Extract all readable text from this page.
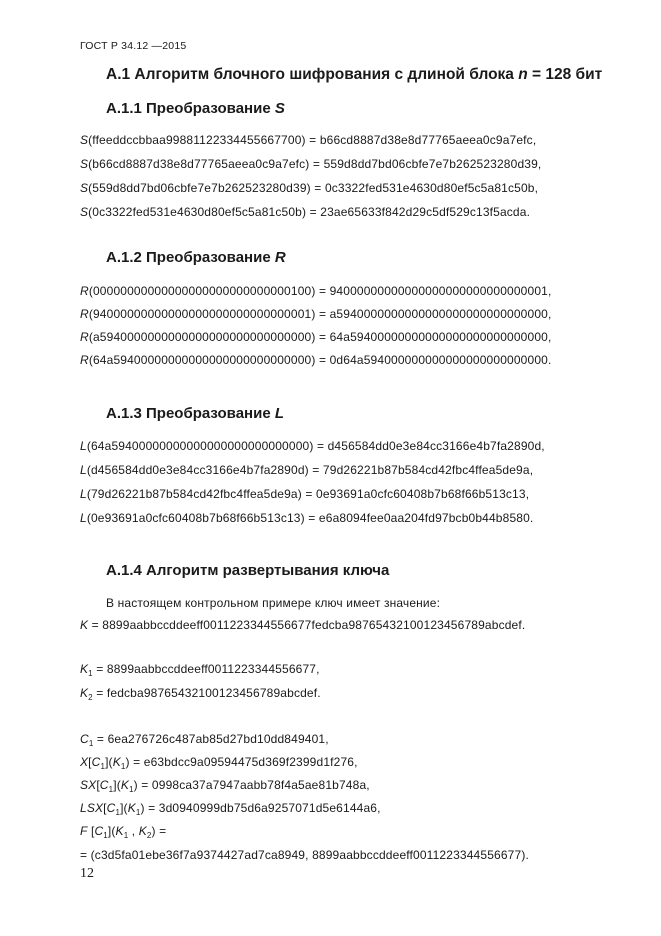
ГОСТ Р 34.12 —2015
А.1 Алгоритм блочного шифрования с длиной блока n = 128 бит
А.1.1 Преобразование S
S(ffeeddccbbaa99881122334455667700) = b66cd8887d38e8d77765aeea0c9a7efc,
S(b66cd8887d38e8d77765aeea0c9a7efc) = 559d8dd7bd06cbfe7e7b262523280d39,
S(559d8dd7bd06cbfe7e7b262523280d39) = 0c3322fed531e4630d80ef5c5a81c50b,
S(0c3322fed531e4630d80ef5c5a81c50b) = 23ae65633f842d29c5df529c13f5acda.
А.1.2 Преобразование R
R(00000000000000000000000000000100) = 94000000000000000000000000000001,
R(94000000000000000000000000000001) = a5940000000000000000000000000000,
R(a5940000000000000000000000000000) = 64a59400000000000000000000000000,
R(64a59400000000000000000000000000) = 0d64a594000000000000000000000000.
А.1.3 Преобразование L
L(64a59400000000000000000000000000) = d456584dd0e3e84cc3166e4b7fa2890d,
L(d456584dd0e3e84cc3166e4b7fa2890d) = 79d26221b87b584cd42fbc4ffea5de9a,
L(79d26221b87b584cd42fbc4ffea5de9a) = 0e93691a0cfc60408b7b68f66b513c13,
L(0e93691a0cfc60408b7b68f66b513c13) = e6a8094fee0aa204fd97bcb0b44b8580.
А.1.4 Алгоритм развертывания ключа
В настоящем контрольном примере ключ имеет значение:
K = 8899aabbccddeeff0011223344556677fedcba98765432100123456789abcdef.
$K_1$ = 8899aabbccddeeff0011223344556677,
$K_2$ = fedcba98765432100123456789abcdef.
$C_1 = 6ea276726c487ab85d27bd10dd849401$,
$X[C_1](K_1)$ = e63bdcc9a09594475d369f2399d1f276,
$SX[C_1](K_1)$ = 0998ca37a7947aabb78f4a5ae81b748a,
$LSX[C_1](K_1) = 3d0940999db75d6a9257071d5e6144a6$,
F $[C_1](K_1$ , $K_2$) =
= (c3d5fa01ebe36f7a9374427ad7ca8949, 8899aabbccddeeff0011223344556677).
12
